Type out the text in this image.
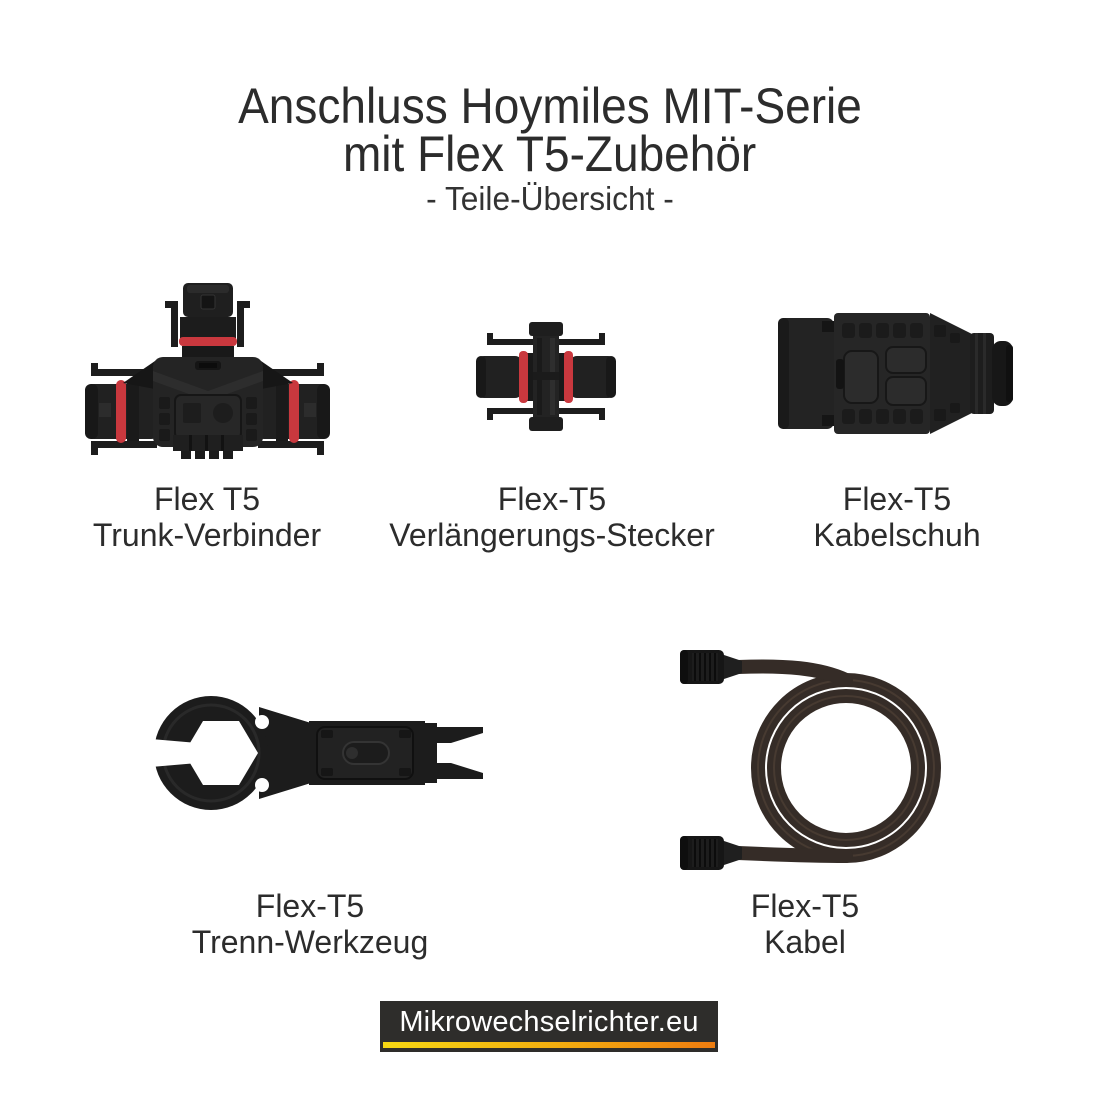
Anschluss Hoymiles MIT-Serie
mit Flex T5-Zubehör
- Teile-Übersicht -
Flex T5
Trunk-Verbinder
Flex-T5
Verlängerungs-Stecker
Flex-T5
Kabelschuh
Flex-T5
Trenn-Werkzeug
Flex-T5
Kabel
Mikrowechselrichter.eu
